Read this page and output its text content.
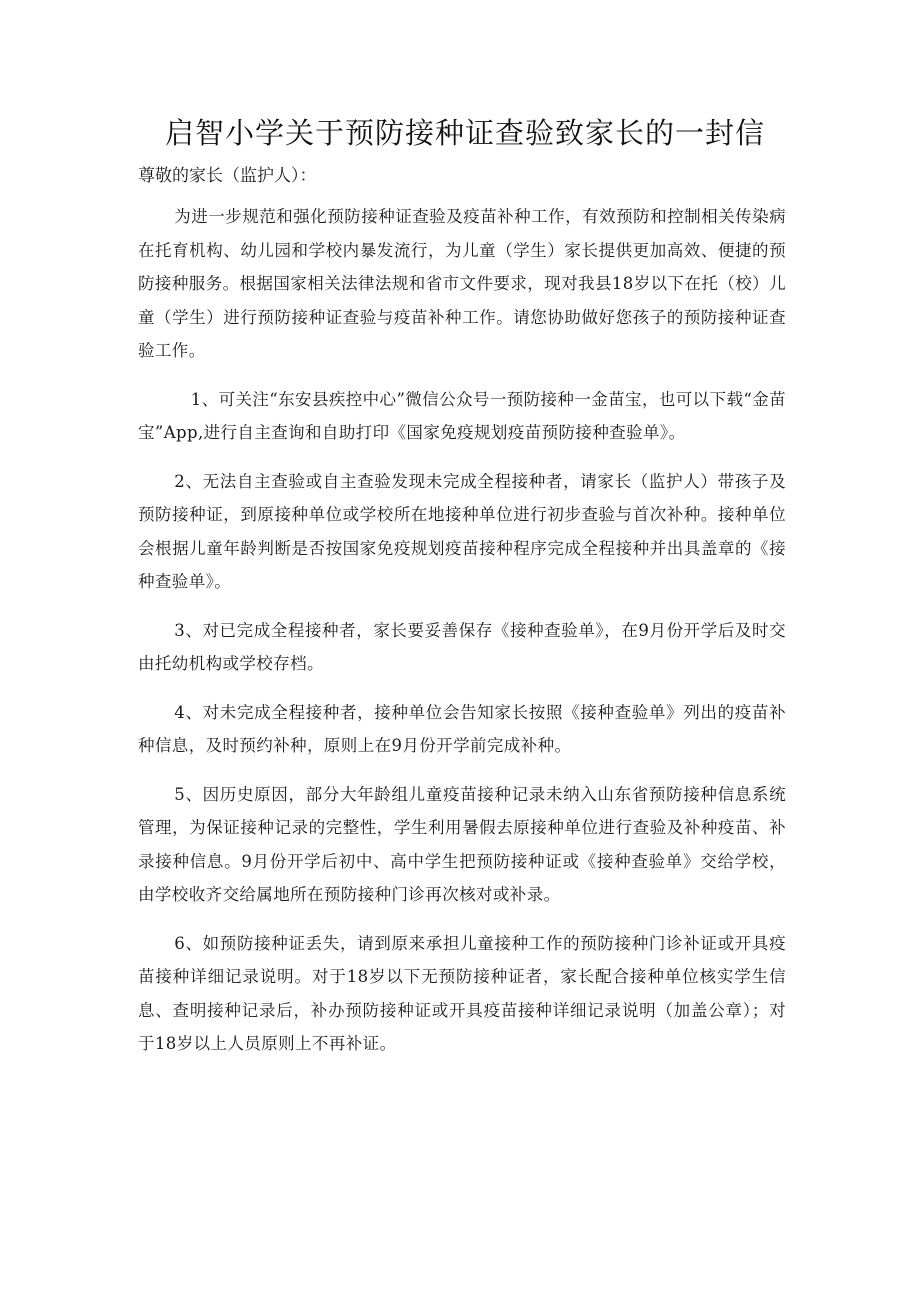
启智小学关于预防接种证查验致家长的一封信
尊敬的家长（监护人）：

为进一步规范和强化预防接种证查验及疫苗补种工作，有效预防和控制相关传染病在托育机构、幼儿园和学校内暴发流行，为儿童（学生）家长提供更加高效、便捷的预防接种服务。根据国家相关法律法规和省市文件要求，现对我县18岁以下在托（校）儿童（学生）进行预防接种证查验与疫苗补种工作。请您协助做好您孩子的预防接种证查验工作。

1、可关注“东安县疾控中心”微信公众号一预防接种一金苗宝，也可以下载“金苗宝”App,进行自主查询和自助打印《国家免疫规划疫苗预防接种查验单》。

2、无法自主查验或自主查验发现未完成全程接种者，请家长（监护人）带孩子及预防接种证，到原接种单位或学校所在地接种单位进行初步查验与首次补种。接种单位会根据儿童年龄判断是否按国家免疫规划疫苗接种程序完成全程接种并出具盖章的《接种查验单》。

3、对已完成全程接种者，家长要妥善保存《接种查验单》，在9月份开学后及时交由托幼机构或学校存档。

4、对未完成全程接种者，接种单位会告知家长按照《接种查验单》列出的疫苗补种信息，及时预约补种，原则上在9月份开学前完成补种。

5、因历史原因，部分大年龄组儿童疫苗接种记录未纳入山东省预防接种信息系统管理，为保证接种记录的完整性，学生利用暑假去原接种单位进行查验及补种疫苗、补录接种信息。9月份开学后初中、高中学生把预防接种证或《接种查验单》交给学校，由学校收齐交给属地所在预防接种门诊再次核对或补录。

6、如预防接种证丢失，请到原来承担儿童接种工作的预防接种门诊补证或开具疫苗接种详细记录说明。对于18岁以下无预防接种证者，家长配合接种单位核实学生信息、查明接种记录后，补办预防接种证或开具疫苗接种详细记录说明（加盖公章）；对于18岁以上人员原则上不再补证。
